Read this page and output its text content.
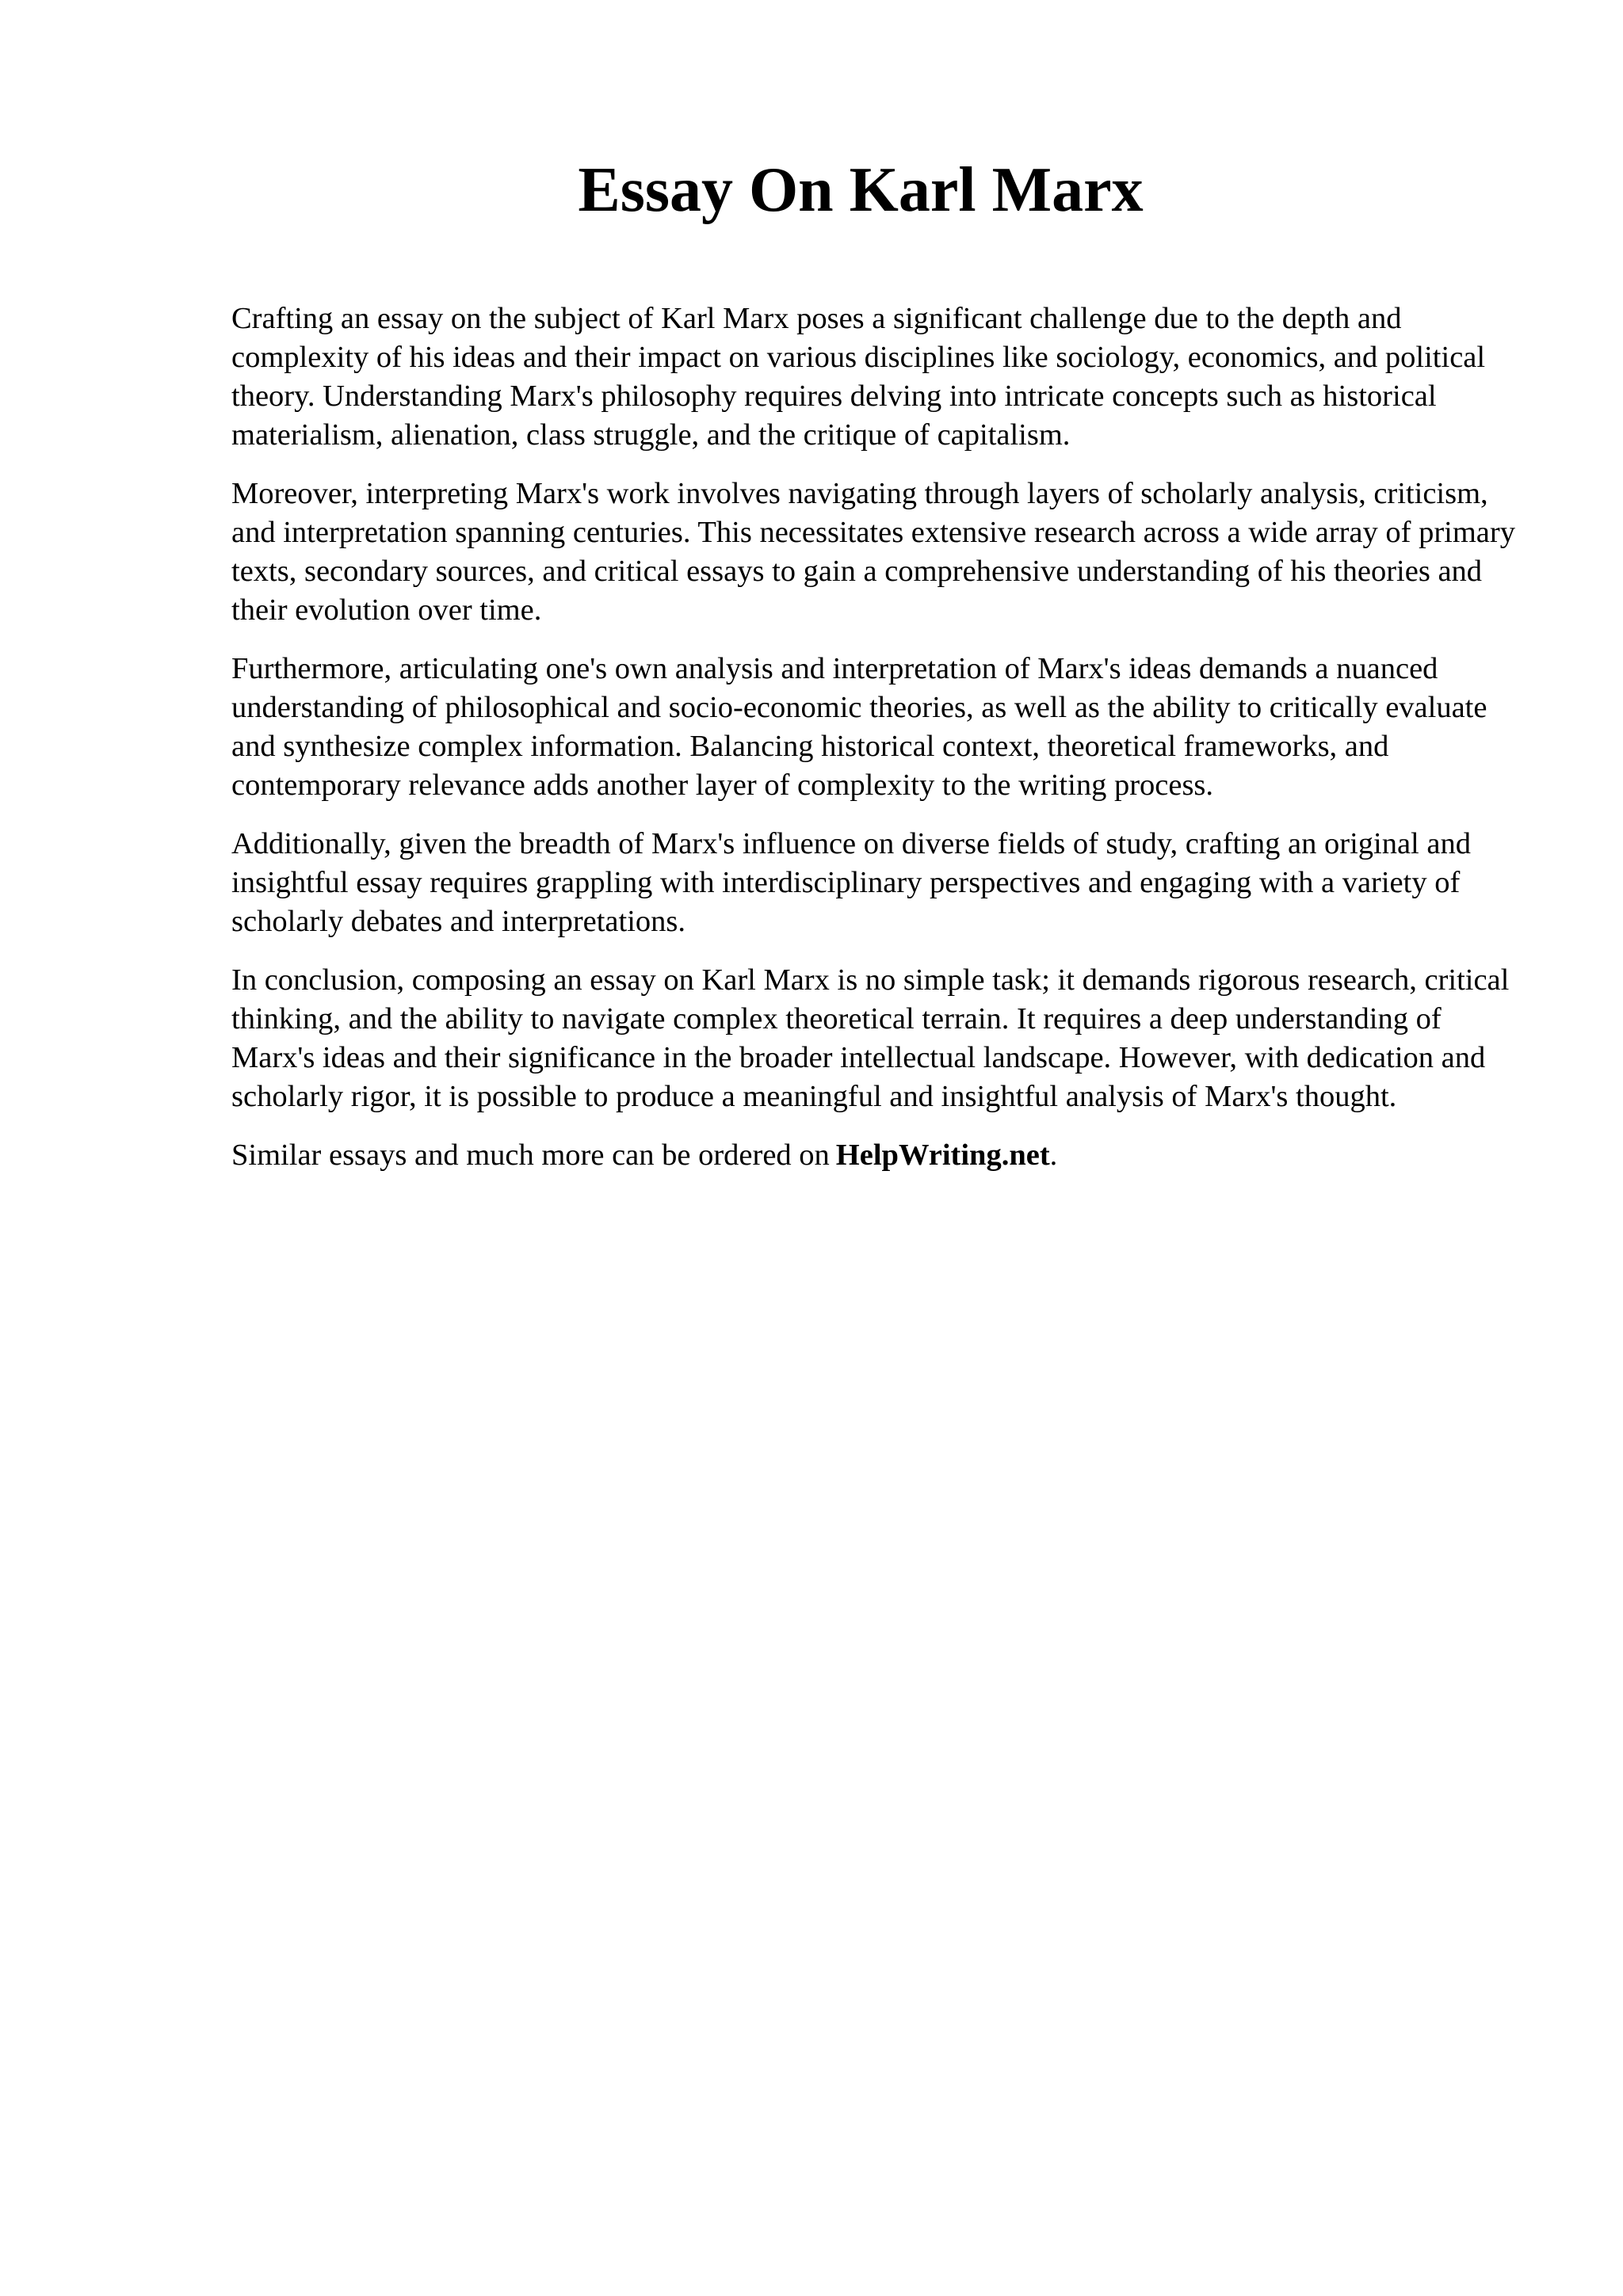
Essay On Karl Marx

Crafting an essay on the subject of Karl Marx poses a significant challenge due to the depth and complexity of his ideas and their impact on various disciplines like sociology, economics, and political theory. Understanding Marx's philosophy requires delving into intricate concepts such as historical materialism, alienation, class struggle, and the critique of capitalism.

Moreover, interpreting Marx's work involves navigating through layers of scholarly analysis, criticism, and interpretation spanning centuries. This necessitates extensive research across a wide array of primary texts, secondary sources, and critical essays to gain a comprehensive understanding of his theories and their evolution over time.

Furthermore, articulating one's own analysis and interpretation of Marx's ideas demands a nuanced understanding of philosophical and socio-economic theories, as well as the ability to critically evaluate and synthesize complex information. Balancing historical context, theoretical frameworks, and contemporary relevance adds another layer of complexity to the writing process.

Additionally, given the breadth of Marx's influence on diverse fields of study, crafting an original and insightful essay requires grappling with interdisciplinary perspectives and engaging with a variety of scholarly debates and interpretations.

In conclusion, composing an essay on Karl Marx is no simple task; it demands rigorous research, critical thinking, and the ability to navigate complex theoretical terrain. It requires a deep understanding of Marx's ideas and their significance in the broader intellectual landscape. However, with dedication and scholarly rigor, it is possible to produce a meaningful and insightful analysis of Marx's thought.

Similar essays and much more can be ordered on HelpWriting.net.
